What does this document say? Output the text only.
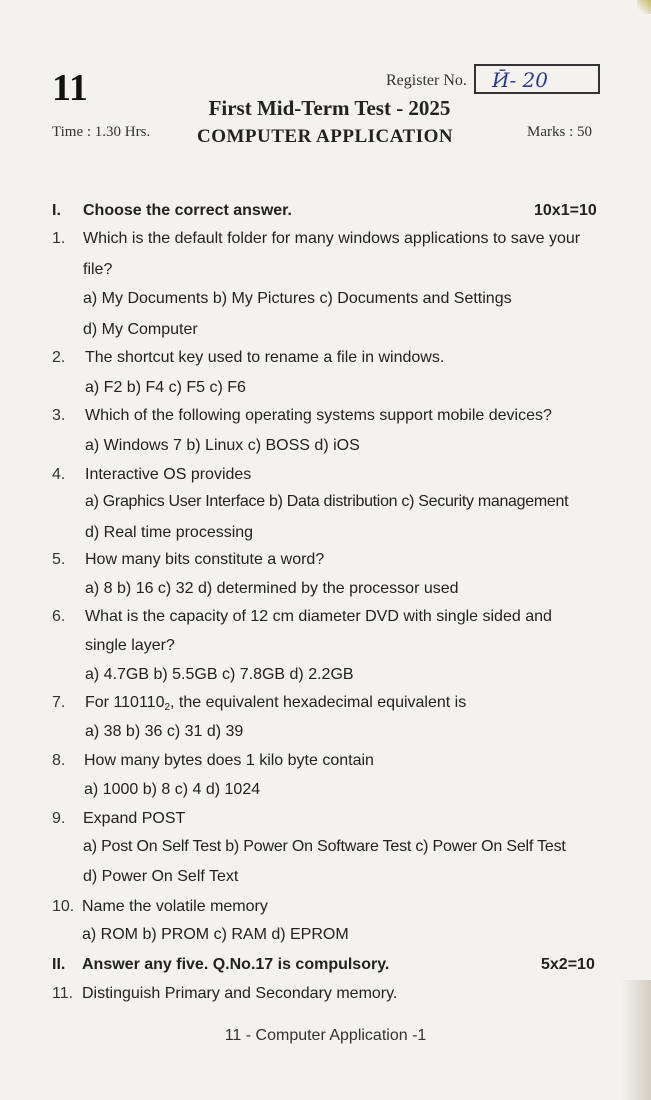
11	Register No. Ӣ- 20
First Mid-Term Test - 2025
Time : 1.30 Hrs. COMPUTER APPLICATION	Marks : 50
I. Choose the correct answer.	10x1=10
1. Which is the default folder for many windows applications to save your
file?
a) My Documents b) My Pictures c) Documents and Settings
d) My Computer
2. The shortcut key used to rename a file in windows.
a) F2 b) F4 c) F5 c) F6
3. Which of the following operating systems support mobile devices?
a) Windows 7 b) Linux c) BOSS d) iOS
4. Interactive OS provides
a) Graphics User Interface b) Data distribution c) Security management
d) Real time processing
5. How many bits constitute a word?
a) 8 b) 16 c) 32 d) determined by the processor used
6. What is the capacity of 12 cm diameter DVD with single sided and
single layer?
a) 4.7GB b) 5.5GB c) 7.8GB d) 2.2GB
7. For $110110_2$, the equivalent hexadecimal equivalent is
a) 38 b) 36 c) 31 d) 39
8. How many bytes does 1 kilo byte contain
a) 1000 b) 8 c) 4 d) 1024
9. Expand POST
a) Post On Self Test b) Power On Software Test c) Power On Self Test
d) Power On Self Text
10. Name the volatile memory
a) ROM b) PROM c) RAM d) EPROM
II. Answer any five. Q.No.17 is compulsory.	5x2=10
11. Distinguish Primary and Secondary memory.
11 - Computer Application -1
